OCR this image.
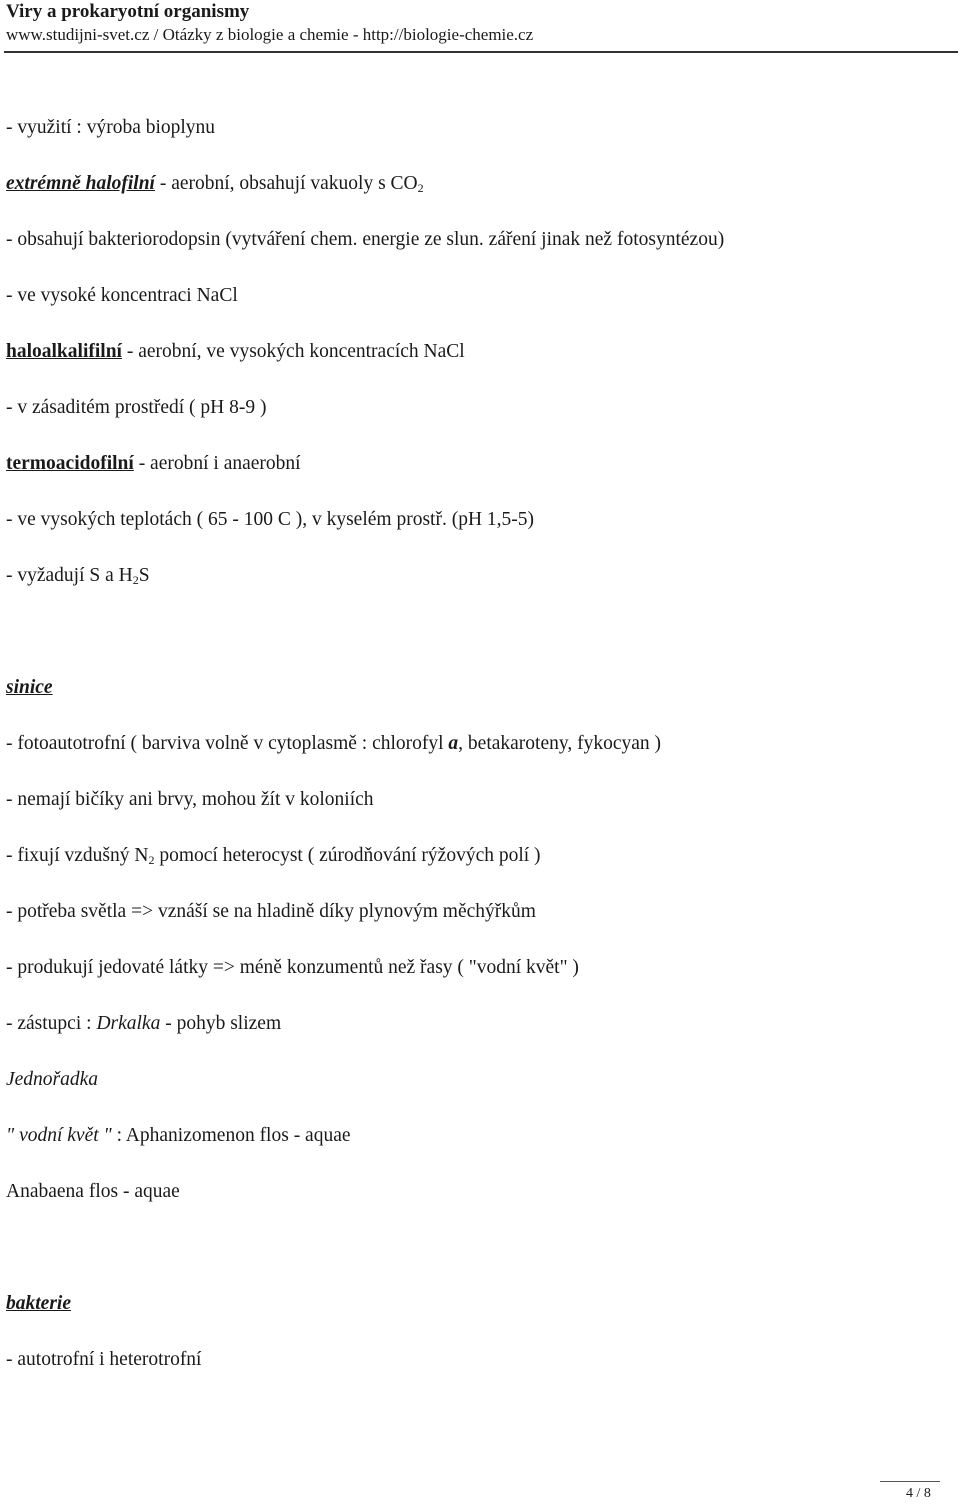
Viry a prokaryotní organismy
www.studijni-svet.cz / Otázky z biologie a chemie - http://biologie-chemie.cz
- využití : výroba bioplynu
extrémně halofilní - aerobní, obsahují vakuoly s $CO_2$
- obsahují bakteriorodopsin (vytváření chem. energie ze slun. záření jinak než fotosyntézou)
- ve vysoké koncentraci NaCl
haloalkalifilní - aerobní, ve vysokých koncentracích NaCl
- v zásaditém prostředí ( pH 8-9 )
termoacidofilní - aerobní i anaerobní
- ve vysokých teplotách ( 65 - 100 C ), v kyselém prostř. (pH 1,5-5)
- vyžadují S a $H_2S$
sinice
- fotoautotrofní ( barviva volně v cytoplasmě : chlorofyl a, betakaroteny, fykocyan )
- nemají bičíky ani brvy, mohou žít v koloniích
- fixují vzdušný $N_2$ pomocí heterocyst ( zúrodňování rýžových polí )
- potřeba světla => vznáší se na hladině díky plynovým měchýřkům
- produkují jedovaté látky => méně konzumentů než řasy ( "vodní květ" )
- zástupci : Drkalka - pohyb slizem
Jednořadka
" vodní květ " : Aphanizomenon flos - aquae
Anabaena flos - aquae
bakterie
- autotrofní i heterotrofní
4 / 8
